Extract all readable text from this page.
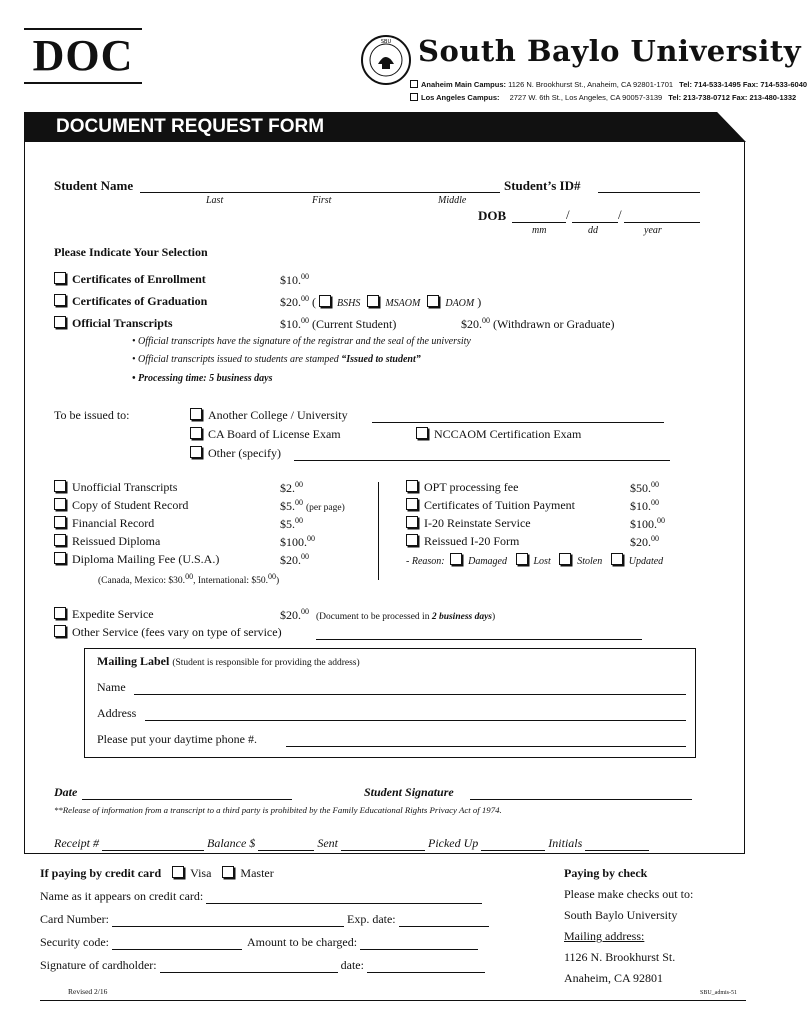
DOC	SBU South Baylo University
Anaheim Main Campus: 1126 N. Brookhurst St., Anaheim, CA 92801-1701 Tel: 714-533-1495 Fax: 714-533-6040
Los Angeles Campus: 2727 W. 6th St., Los Angeles, CA 90057-3139 Tel: 213-738-0712 Fax: 213-480-1332
DOCUMENT REQUEST FORM
Student Name
Last	First	Middle
Student’s ID#
DOB	/	/
mm	dd	year
Please Indicate Your Selection
Certificates of Enrollment	$10.00
Certificates of Graduation	$20.00 ( BSHS	MSAOM	DAOM )
Official Transcripts	$10.00 (Current Student)	$20.00 (Withdrawn or Graduate)
• Official transcripts have the signature of the registrar and the seal of the university
• Official transcripts issued to students are stamped “Issued to student”
• Processing time: 5 business days
To be issued to:	Another College / University
CA Board of License Exam	NCCAOM Certification Exam
Other (specify)
Unofficial Transcripts	$2.00
Copy of Student Record	$5.00(per page)
Financial Record	$5.00
Reissued Diploma	$100.00
Diploma Mailing Fee (U.S.A.)	$20.00
(Canada, Mexico: $30.00, International: $50.00)
OPT processing fee	$50.00
Certificates of Tuition Payment	$10.00
I-20 Reinstate Service	$100.00
Reissued I-20 Form	$20.00
- Reason: Damaged	Lost	Stolen	Updated
Expedite Service	$20.00 (Document to be processed in 2 business days)
Other Service (fees vary on type of service)
Mailing Label (Student is responsible for providing the address)
Name
Address
Please put your daytime phone #.
Date	Student Signature
**Release of information from a transcript to a third party is prohibited by the Family Educational Rights Privacy Act of 1974.
Receipt #	Balance $	Sent	Picked Up	Initials
If paying by credit card Visa Master
Name as it appears on credit card:
Card Number:	Exp. date:
Security code:	Amount to be charged:
Signature of cardholder:	date:
Paying by check
Please make checks out to:
South Baylo University
Mailing address:
1126 N. Brookhurst St.
Anaheim, CA 92801
Revised 2/16	SBU_admis-51
